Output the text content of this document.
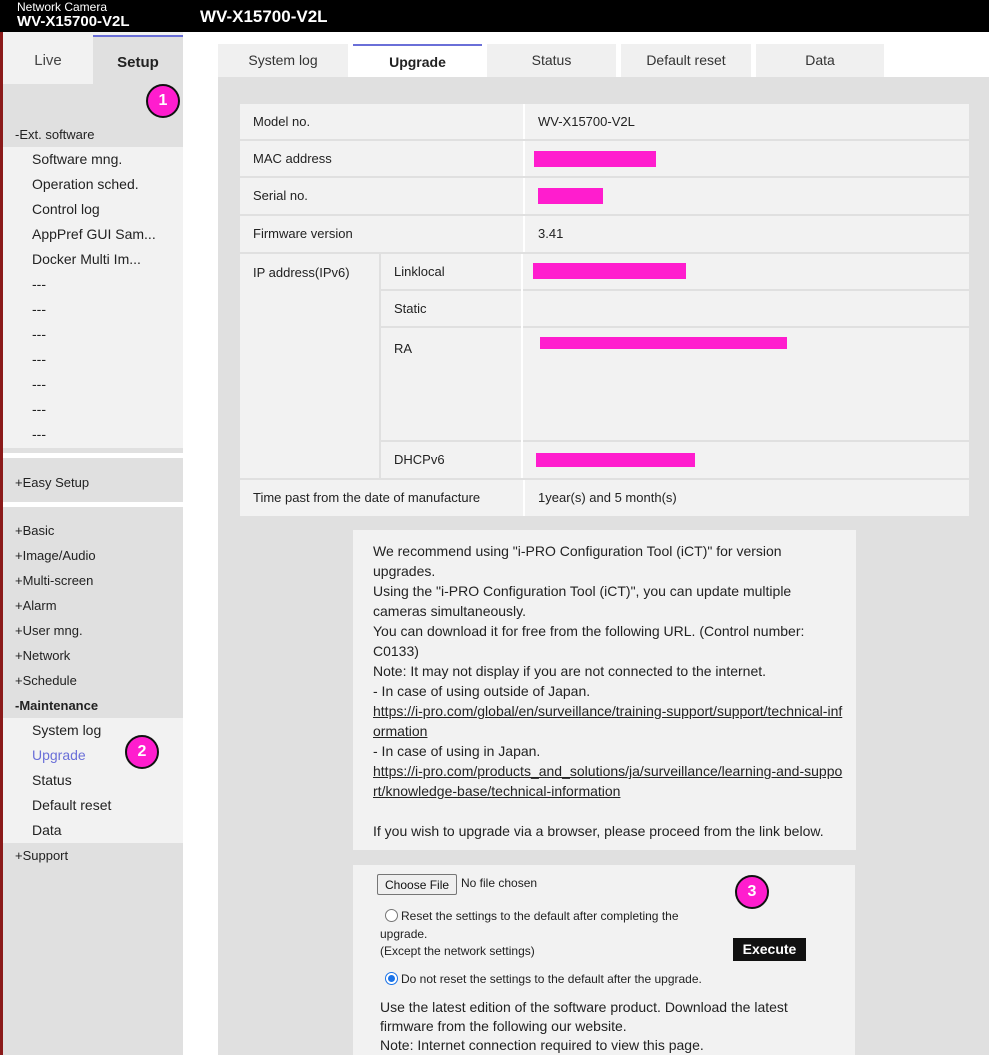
Network Camera
WV-X15700-V2L	WV-X15700-V2L
Live	Setup
1
-Ext. software
Software mng.
Operation sched.
Control log
AppPref GUI Sam...
Docker Multi Im...
---
---
---
---
---
---
---
+Easy Setup
+Basic
+Image/Audio
+Multi-screen
+Alarm
+User mng.
+Network
+Schedule
-Maintenance
System log
Upgrade
Status
Default reset
Data
+Support
2
System log	Upgrade	Status	Default reset	Data
Model no.	WV-X15700-V2L
MAC address
Serial no.
Firmware version	3.41
IP address(IPv6)	Linklocal
Static
RA
DHCPv6
Time past from the date of manufacture	1year(s) and 5 month(s)
We recommend using "i-PRO Configuration Tool (iCT)" for version upgrades.
Using the "i-PRO Configuration Tool (iCT)", you can update multiple cameras simultaneously.
You can download it for free from the following URL. (Control number: C0133)
Note: It may not display if you are not connected to the internet.
- In case of using outside of Japan.
https://i-pro.com/global/en/surveillance/training-support/support/technical-information
- In case of using in Japan.
https://i-pro.com/products_and_solutions/ja/surveillance/learning-and-support/knowledge-base/technical-information
If you wish to upgrade via a browser, please proceed from the link below.
Choose File No file chosen	3
Reset the settings to the default after completing the
upgrade.
(Except the network settings)	Execute
Do not reset the settings to the default after the upgrade.
Use the latest edition of the software product. Download the latest firmware from the following our website.
Note: Internet connection required to view this page.
